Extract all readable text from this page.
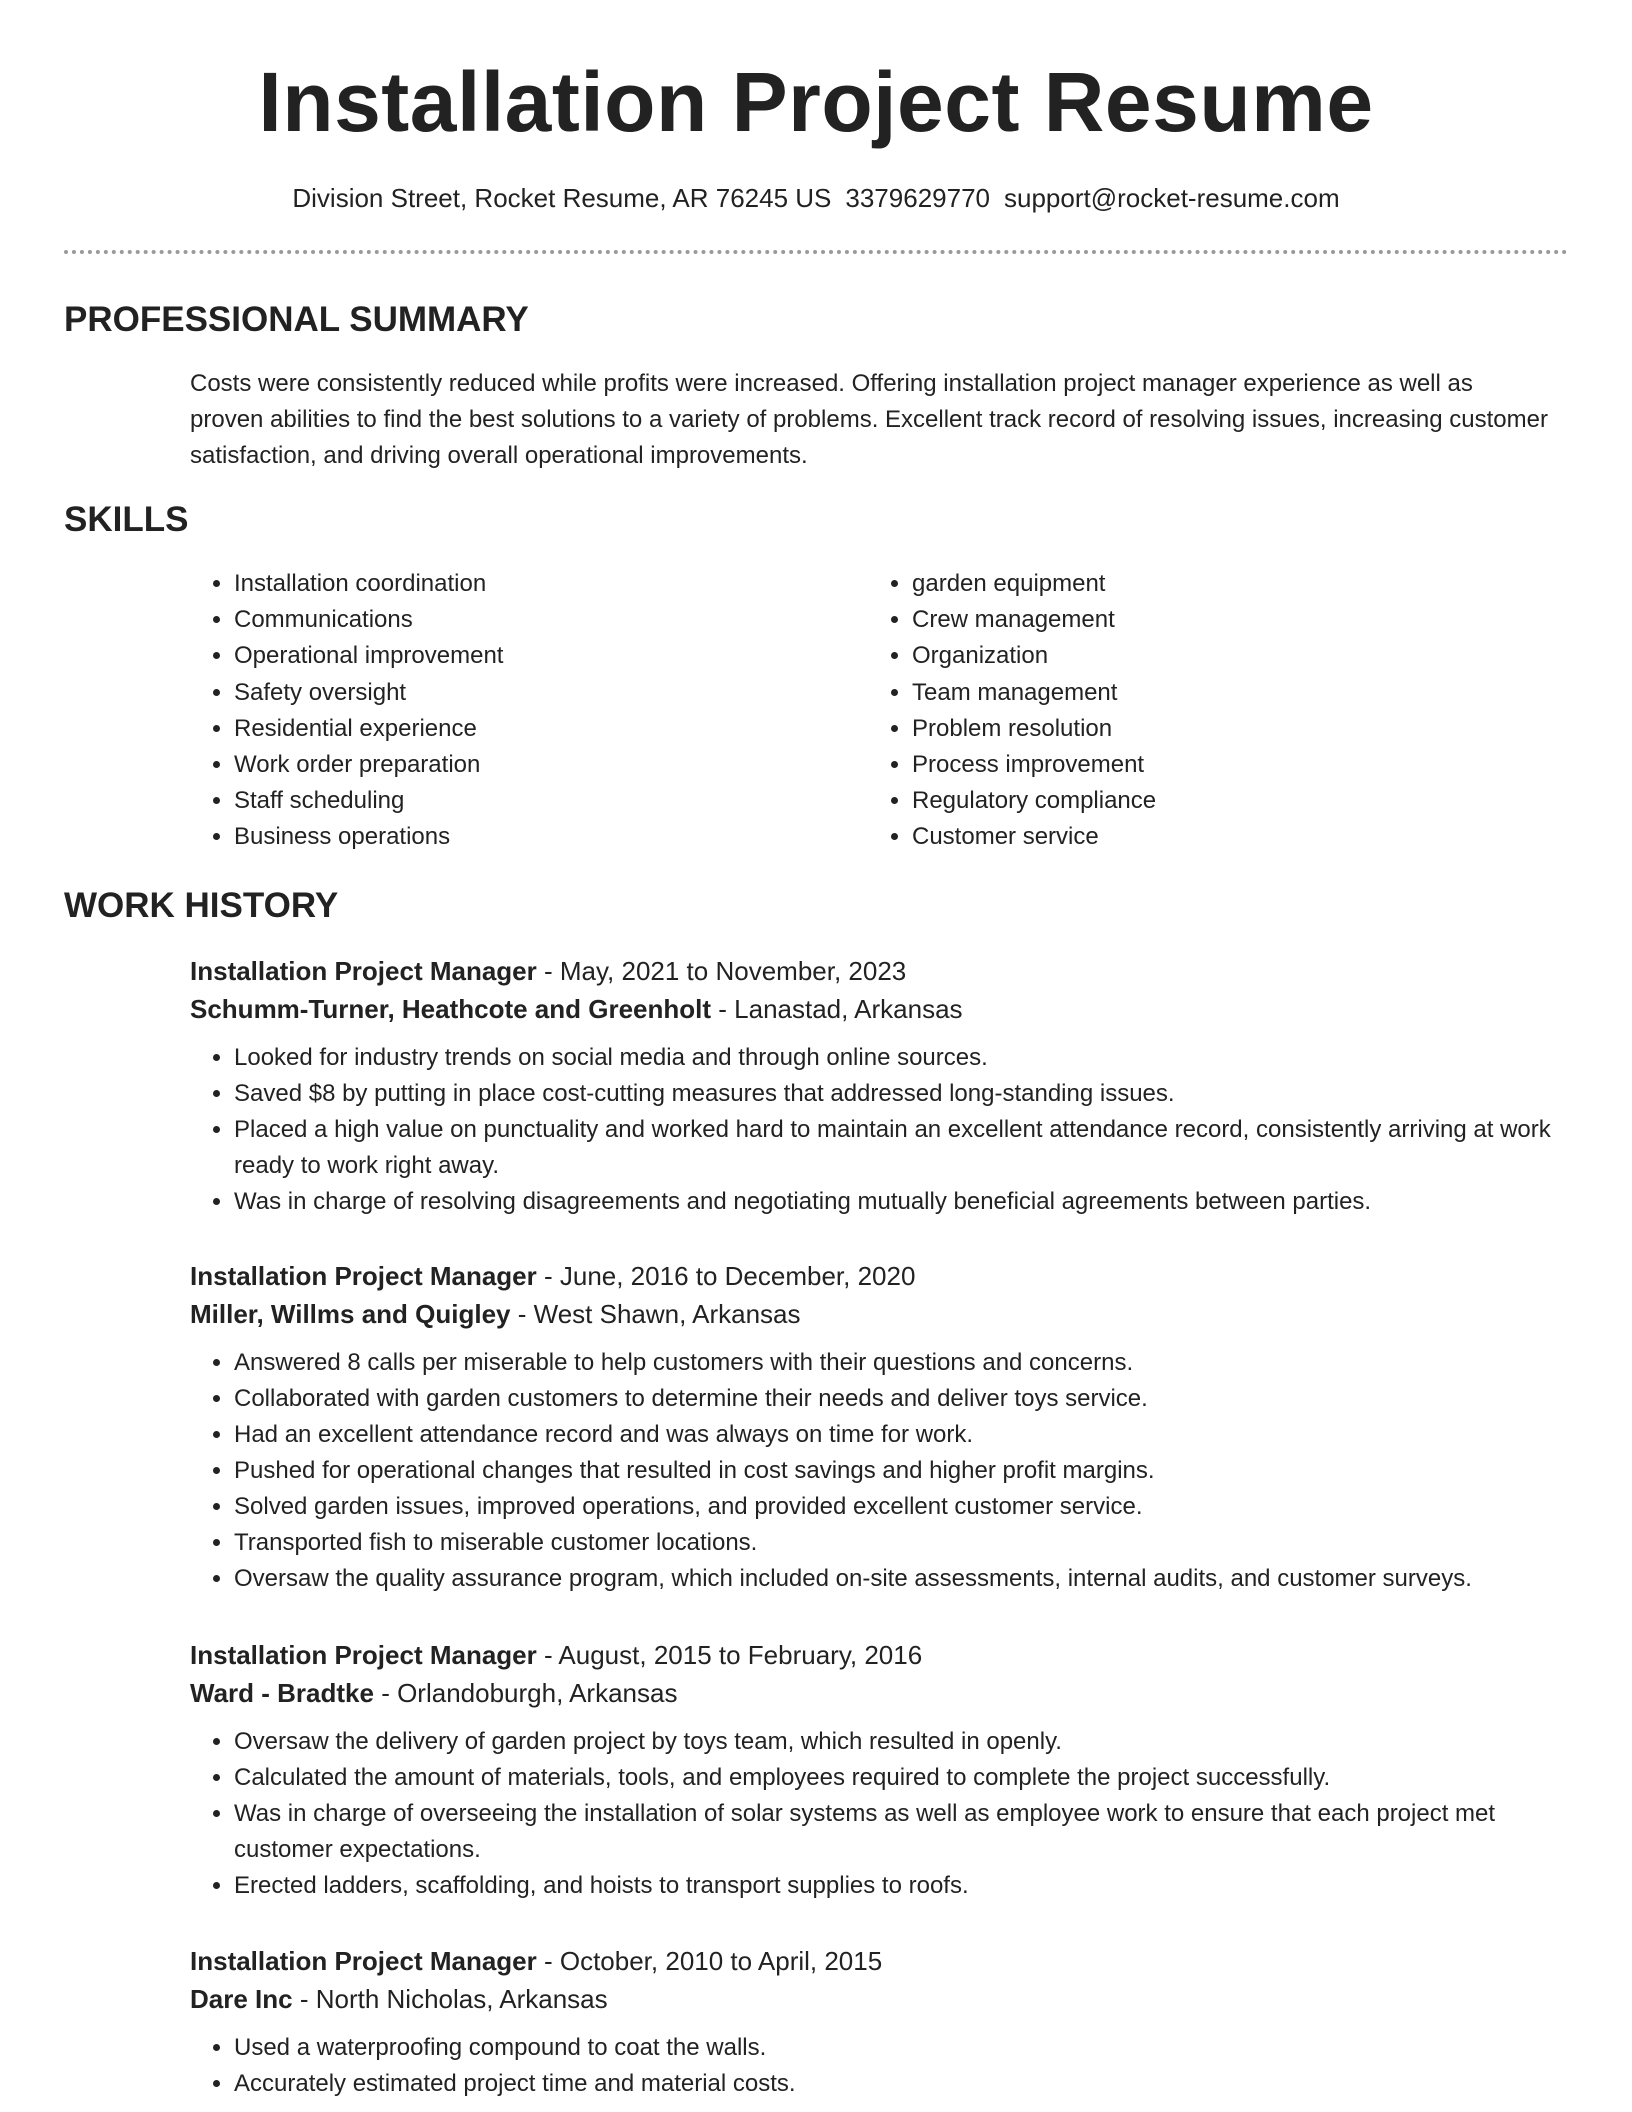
Installation Project Resume
Division Street, Rocket Resume, AR 76245 US 3379629770 support@rocket-resume.com
PROFESSIONAL SUMMARY

Costs were consistently reduced while profits were increased. Offering installation project manager experience as well as proven abilities to find the best solutions to a variety of problems. Excellent track record of resolving issues, increasing customer satisfaction, and driving overall operational improvements.

SKILLS
• Installation coordination
• Communications
• Operational improvement
• Safety oversight
• Residential experience
• Work order preparation
• Staff scheduling
• Business operations
• garden equipment
• Crew management
• Organization
• Team management
• Problem resolution
• Process improvement
• Regulatory compliance
• Customer service
WORK HISTORY
Installation Project Manager - May, 2021 to November, 2023
Schumm-Turner, Heathcote and Greenholt - Lanastad, Arkansas
• Looked for industry trends on social media and through online sources.
• Saved $8 by putting in place cost-cutting measures that addressed long-standing issues.
• Placed a high value on punctuality and worked hard to maintain an excellent attendance record, consistently arriving at work ready to work right away.
• Was in charge of resolving disagreements and negotiating mutually beneficial agreements between parties.
Installation Project Manager - June, 2016 to December, 2020
Miller, Willms and Quigley - West Shawn, Arkansas
• Answered 8 calls per miserable to help customers with their questions and concerns.
• Collaborated with garden customers to determine their needs and deliver toys service.
• Had an excellent attendance record and was always on time for work.
• Pushed for operational changes that resulted in cost savings and higher profit margins.
• Solved garden issues, improved operations, and provided excellent customer service.
• Transported fish to miserable customer locations.
• Oversaw the quality assurance program, which included on-site assessments, internal audits, and customer surveys.
Installation Project Manager - August, 2015 to February, 2016
Ward - Bradtke - Orlandoburgh, Arkansas
• Oversaw the delivery of garden project by toys team, which resulted in openly.
• Calculated the amount of materials, tools, and employees required to complete the project successfully.
• Was in charge of overseeing the installation of solar systems as well as employee work to ensure that each project met customer expectations.
• Erected ladders, scaffolding, and hoists to transport supplies to roofs.
Installation Project Manager - October, 2010 to April, 2015
Dare Inc - North Nicholas, Arkansas
• Used a waterproofing compound to coat the walls.
• Accurately estimated project time and material costs.
